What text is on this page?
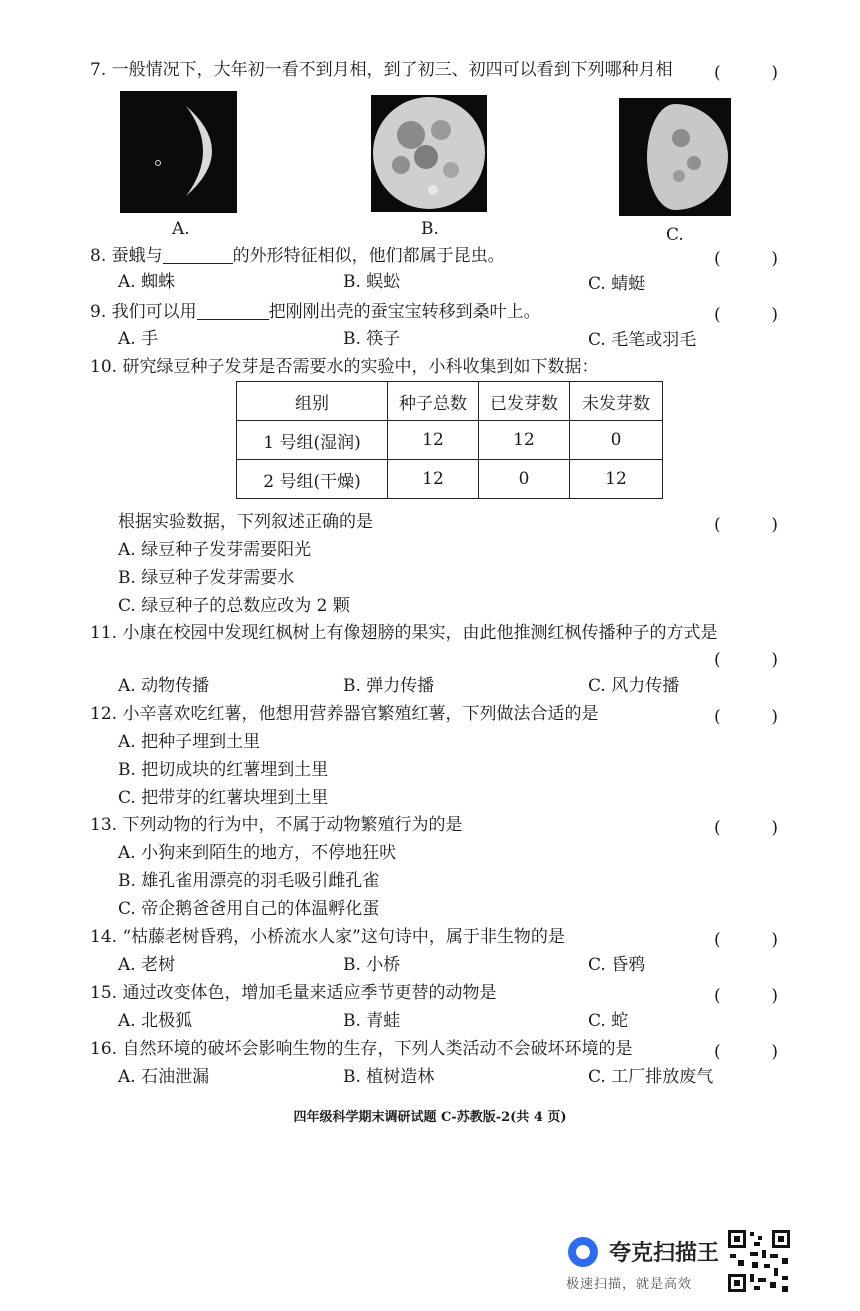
7. 一般情况下，大年初一看不到月相，到了初三、初四可以看到下列哪种月相 (	)
A.	B.	C.
8. 蚕蛾与	的外形特征相似，他们都属于昆虫。	(	)
A. 蜘蛛	B. 蜈蚣	C. 蜻蜓
9. 我们可以用	把刚刚出壳的蚕宝宝转移到桑叶上。	(	)
A. 手	B. 筷子	C. 毛笔或羽毛
10. 研究绿豆种子发芽是否需要水的实验中，小科收集到如下数据：
组别	种子总数	已发芽数	未发芽数
1 号组(湿润)	12	12	0
2 号组(干燥)	12	0	12
根据实验数据，下列叙述正确的是	(	)
A. 绿豆种子发芽需要阳光
B. 绿豆种子发芽需要水
C. 绿豆种子的总数应改为 2 颗
11. 小康在校园中发现红枫树上有像翅膀的果实，由此他推测红枫传播种子的方式是
(	)
A. 动物传播	B. 弹力传播	C. 风力传播
12. 小辛喜欢吃红薯，他想用营养器官繁殖红薯，下列做法合适的是	(	)
A. 把种子埋到土里
B. 把切成块的红薯埋到土里
C. 把带芽的红薯块埋到土里
13. 下列动物的行为中，不属于动物繁殖行为的是	(	)
A. 小狗来到陌生的地方，不停地狂吠
B. 雄孔雀用漂亮的羽毛吸引雌孔雀
C. 帝企鹅爸爸用自己的体温孵化蛋
14. “枯藤老树昏鸦，小桥流水人家”这句诗中，属于非生物的是	(	)
A. 老树	B. 小桥	C. 昏鸦
15. 通过改变体色，增加毛量来适应季节更替的动物是	(	)
A. 北极狐	B. 青蛙	C. 蛇
16. 自然环境的破坏会影响生物的生存，下列人类活动不会破坏环境的是	(	)
A. 石油泄漏	B. 植树造林	C. 工厂排放废气
四年级科学期末调研试题 C-苏教版-2(共 4 页)
夸克扫描王
极速扫描，就是高效
